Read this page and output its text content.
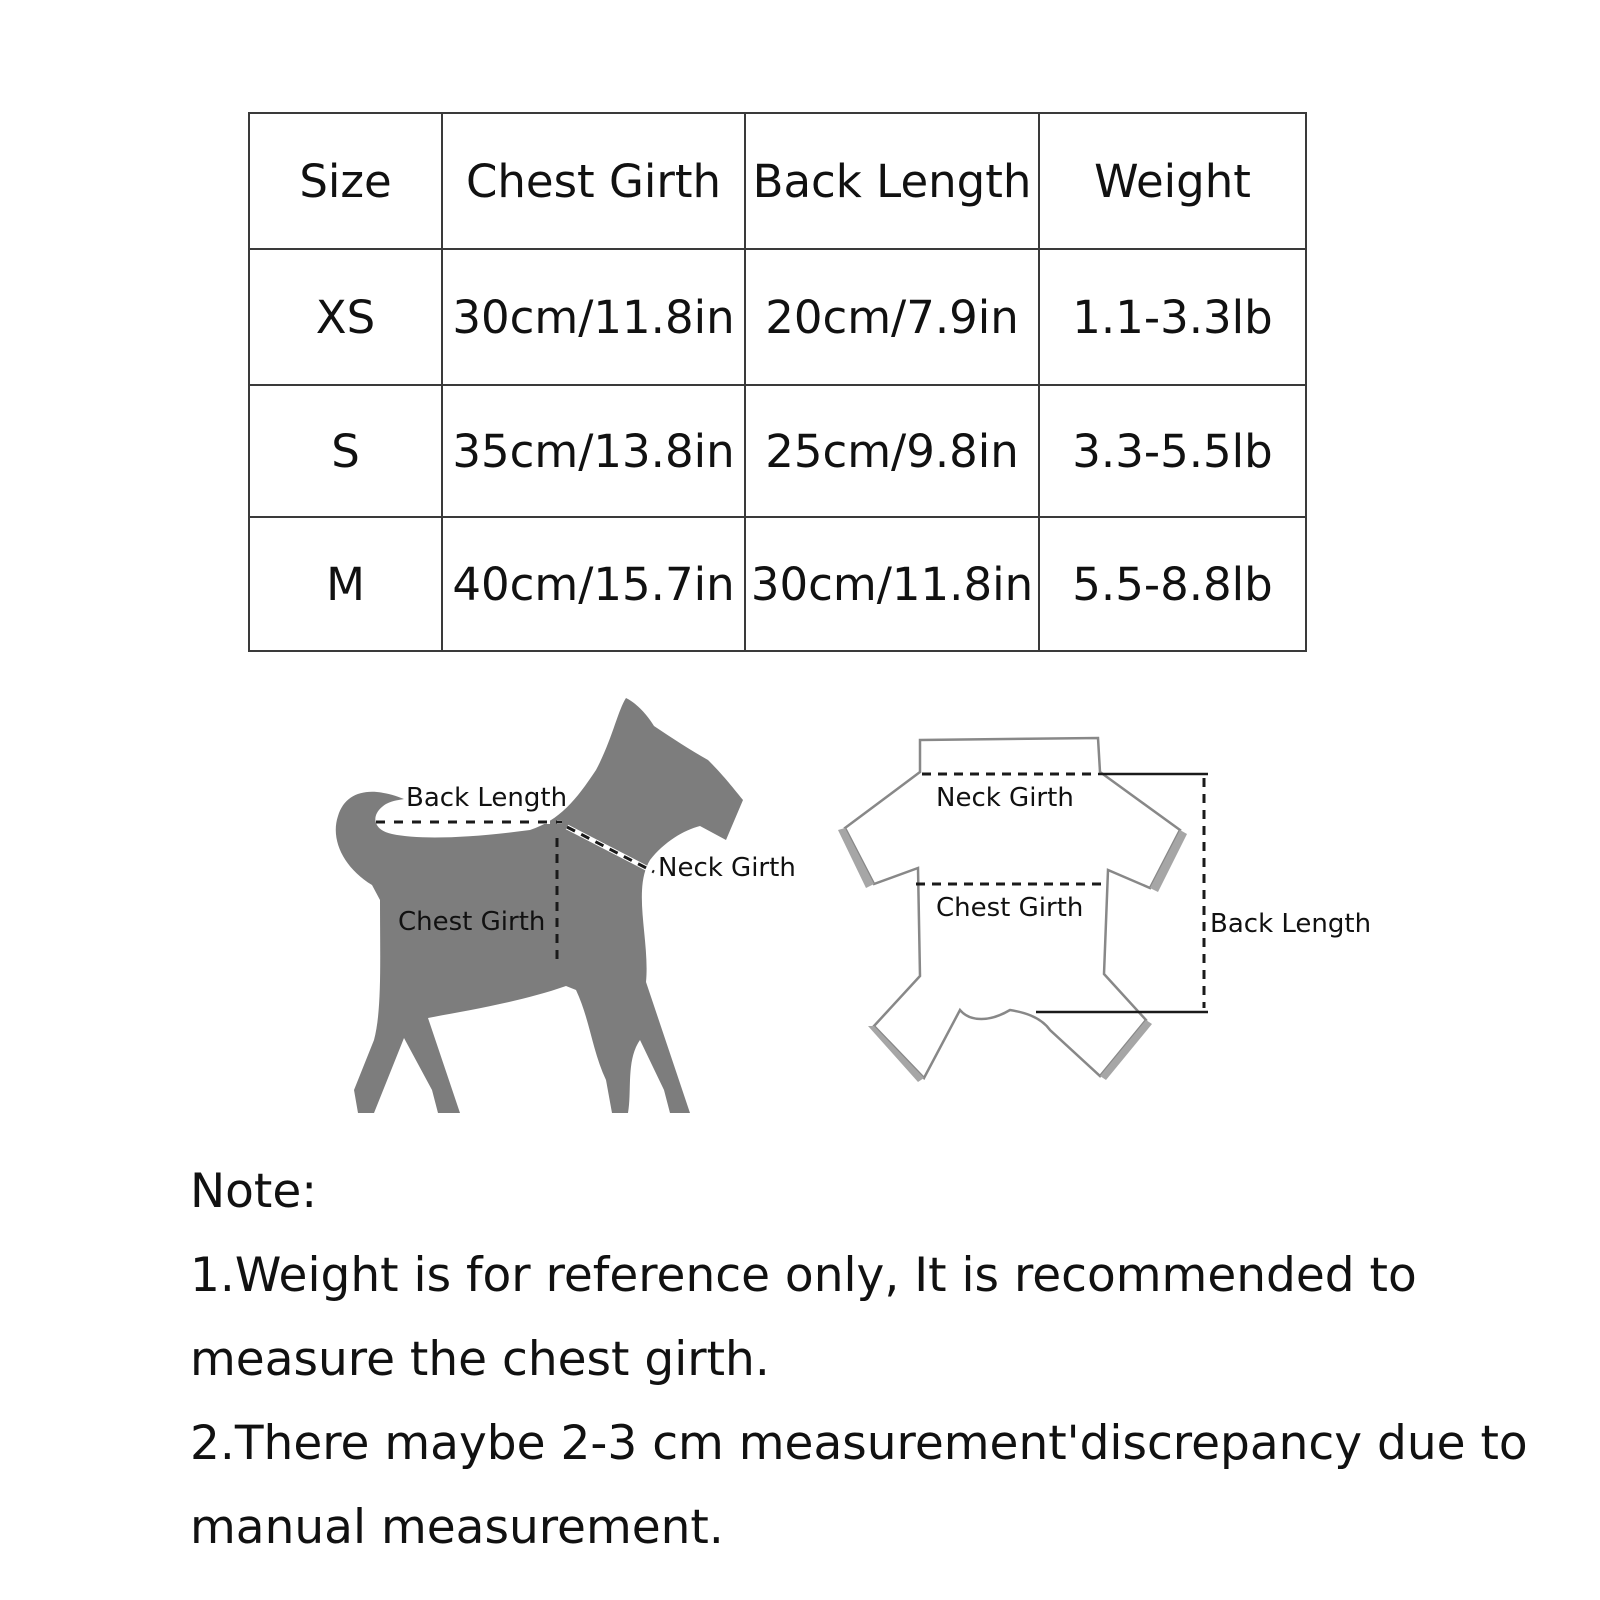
Size	Chest Girth	Back Length	Weight
XS	30cm/11.8in	20cm/7.9in	1.1-3.3lb
S	35cm/13.8in	25cm/9.8in	3.3-5.5lb
M	40cm/15.7in	30cm/11.8in	5.5-8.8lb
Back Length
Neck Girth
Chest Girth
Neck Girth
Chest Girth
Back Length

Note:

1.Weight is for reference only, It is recommended to measure the chest girth.

2.There maybe 2-3 cm measurement'discrepancy due to manual measurement.
